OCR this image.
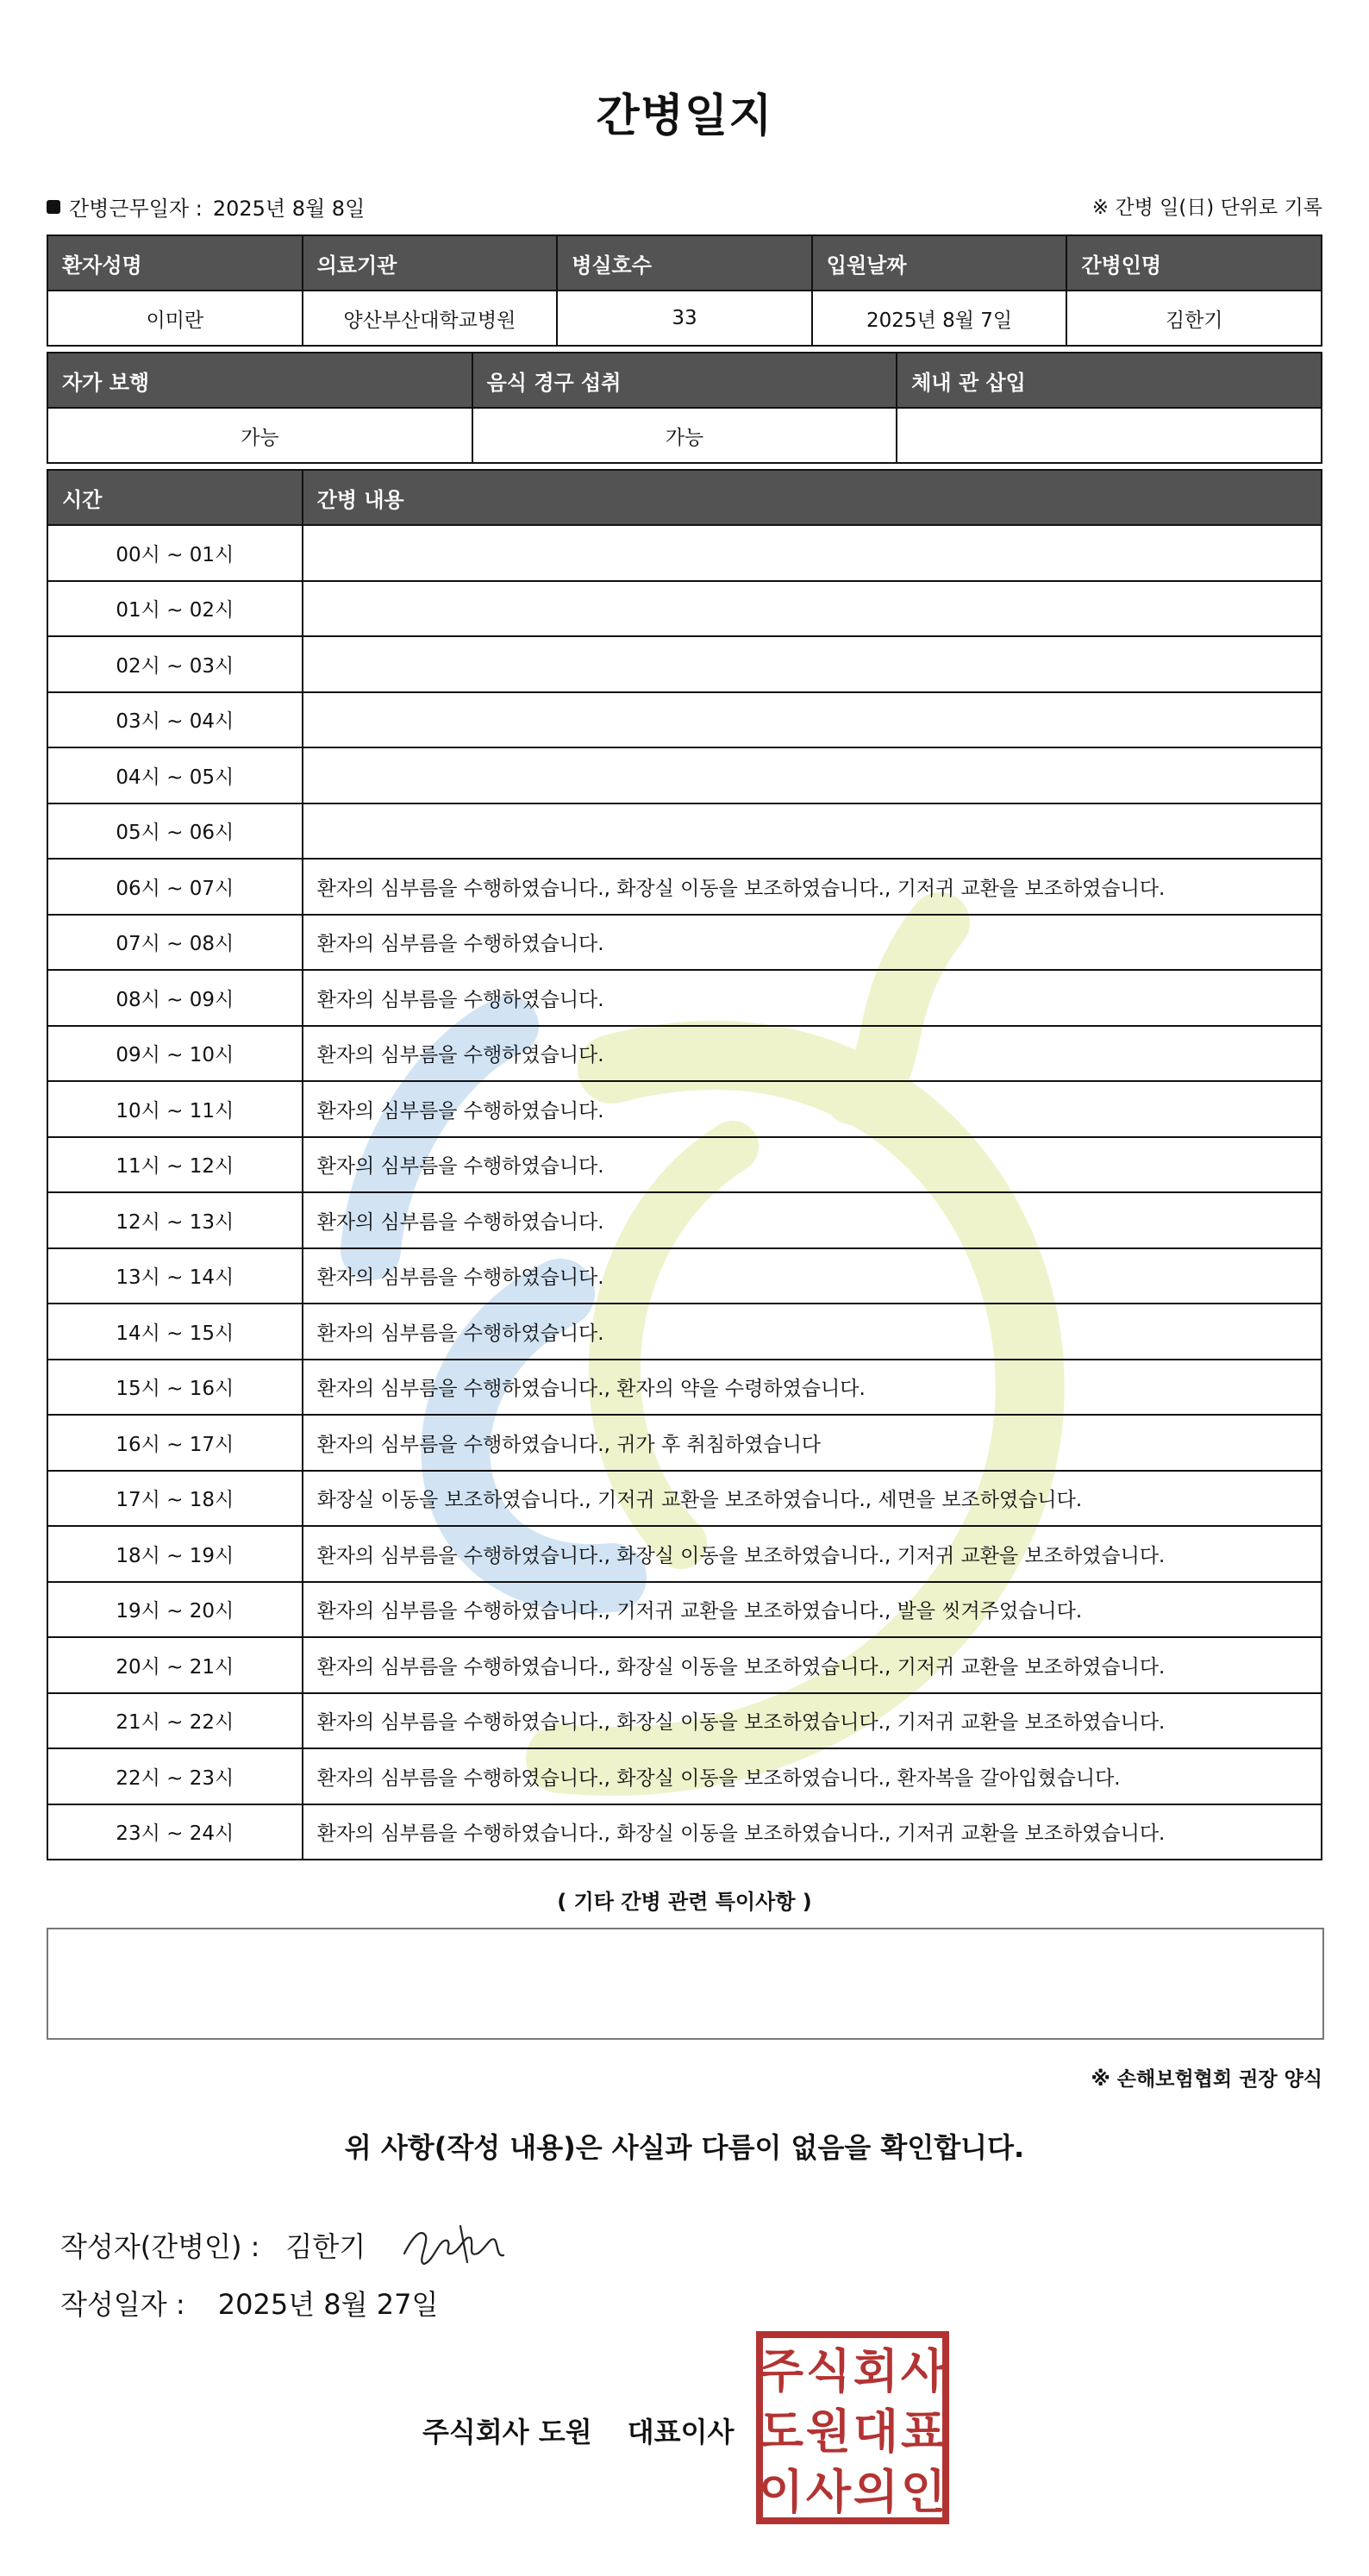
간병일지
간병근무일자 : 2025년 8월 8일	※ 간병 일(日) 단위로 기록
환자성명	의료기관	병실호수	입원날짜	간병인명
이미란	양산부산대학교병원	33	2025년 8월 7일	김한기
자가 보행	음식 경구 섭취	체내 관 삽입
가능	가능	
시간	간병 내용
00시 ~ 01시	
01시 ~ 02시	
02시 ~ 03시	
03시 ~ 04시	
04시 ~ 05시	
05시 ~ 06시	
06시 ~ 07시	환자의 심부름을 수행하였습니다., 화장실 이동을 보조하였습니다., 기저귀 교환을 보조하였습니다.
07시 ~ 08시	환자의 심부름을 수행하였습니다.
08시 ~ 09시	환자의 심부름을 수행하였습니다.
09시 ~ 10시	환자의 심부름을 수행하였습니다.
10시 ~ 11시	환자의 심부름을 수행하였습니다.
11시 ~ 12시	환자의 심부름을 수행하였습니다.
12시 ~ 13시	환자의 심부름을 수행하였습니다.
13시 ~ 14시	환자의 심부름을 수행하였습니다.
14시 ~ 15시	환자의 심부름을 수행하였습니다.
15시 ~ 16시	환자의 심부름을 수행하였습니다., 환자의 약을 수령하였습니다.
16시 ~ 17시	환자의 심부름을 수행하였습니다., 귀가 후 취침하였습니다
17시 ~ 18시	화장실 이동을 보조하였습니다., 기저귀 교환을 보조하였습니다., 세면을 보조하였습니다.
18시 ~ 19시	환자의 심부름을 수행하였습니다., 화장실 이동을 보조하였습니다., 기저귀 교환을 보조하였습니다.
19시 ~ 20시	환자의 심부름을 수행하였습니다., 기저귀 교환을 보조하였습니다., 발을 씻겨주었습니다.
20시 ~ 21시	환자의 심부름을 수행하였습니다., 화장실 이동을 보조하였습니다., 기저귀 교환을 보조하였습니다.
21시 ~ 22시	환자의 심부름을 수행하였습니다., 화장실 이동을 보조하였습니다., 기저귀 교환을 보조하였습니다.
22시 ~ 23시	환자의 심부름을 수행하였습니다., 화장실 이동을 보조하였습니다., 환자복을 갈아입혔습니다.
23시 ~ 24시	환자의 심부름을 수행하였습니다., 화장실 이동을 보조하였습니다., 기저귀 교환을 보조하였습니다.
( 기타 간병 관련 특이사항 )
※ 손해보험협회 권장 양식
위 사항(작성 내용)은 사실과 다름이 없음을 확인합니다.
작성자(간병인) : 김한기
작성일자 : 2025년 8월 27일
주식회사 도원 대표이사
주 식 회 사
도 원 대 표
이 사 의 인
